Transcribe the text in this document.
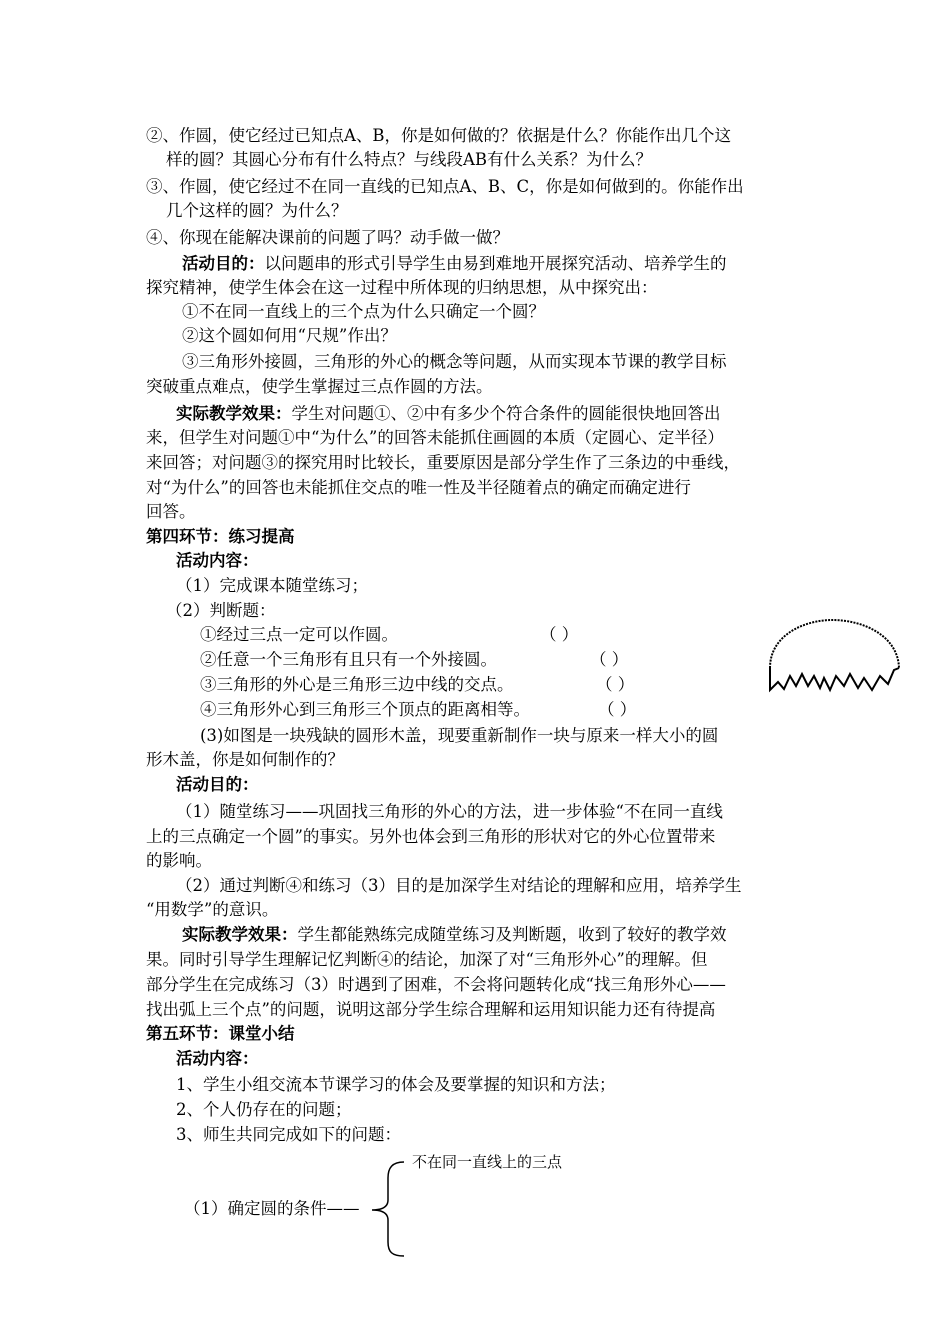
②、作圆，使它经过已知点A、B，你是如何做的？依据是什么？你能作出几个这
样的圆？其圆心分布有什么特点？与线段AB有什么关系？为什么？
③、作圆，使它经过不在同一直线的已知点A、B、C，你是如何做到的。你能作出
几个这样的圆？为什么？
④、你现在能解决课前的问题了吗？动手做一做？
活动目的：以问题串的形式引导学生由易到难地开展探究活动、培养学生的
探究精神，使学生体会在这一过程中所体现的归纳思想，从中探究出：
①不在同一直线上的三个点为什么只确定一个圆？
②这个圆如何用“尺规”作出？
③三角形外接圆，三角形的外心的概念等问题，从而实现本节课的教学目标
突破重点难点，使学生掌握过三点作圆的方法。
实际教学效果：学生对问题①、②中有多少个符合条件的圆能很快地回答出
来，但学生对问题①中“为什么”的回答未能抓住画圆的本质（定圆心、定半径）
来回答；对问题③的探究用时比较长，重要原因是部分学生作了三条边的中垂线，
对“为什么”的回答也未能抓住交点的唯一性及半径随着点的确定而确定进行
回答。
第四环节：练习提高
活动内容：
（1）完成课本随堂练习；
（2）判断题：
①经过三点一定可以作圆。	（ ）
②任意一个三角形有且只有一个外接圆。	（ ）
③三角形的外心是三角形三边中线的交点。	（ ）
④三角形外心到三角形三个顶点的距离相等。	（ ）
(3)如图是一块残缺的圆形木盖，现要重新制作一块与原来一样大小的圆
形木盖，你是如何制作的？
活动目的：
（1）随堂练习——巩固找三角形的外心的方法，进一步体验“不在同一直线
上的三点确定一个圆”的事实。另外也体会到三角形的形状对它的外心位置带来
的影响。
（2）通过判断④和练习（3）目的是加深学生对结论的理解和应用，培养学生
“用数学”的意识。
实际教学效果：学生都能熟练完成随堂练习及判断题，收到了较好的教学效
果。同时引导学生理解记忆判断④的结论，加深了对“三角形外心”的理解。但
部分学生在完成练习（3）时遇到了困难，不会将问题转化成“找三角形外心——
找出弧上三个点”的问题，说明这部分学生综合理解和运用知识能力还有待提高
第五环节：课堂小结
活动内容：
1、学生小组交流本节课学习的体会及要掌握的知识和方法；
2、个人仍存在的问题；
3、师生共同完成如下的问题：
不在同一直线上的三点
（1）确定圆的条件——
